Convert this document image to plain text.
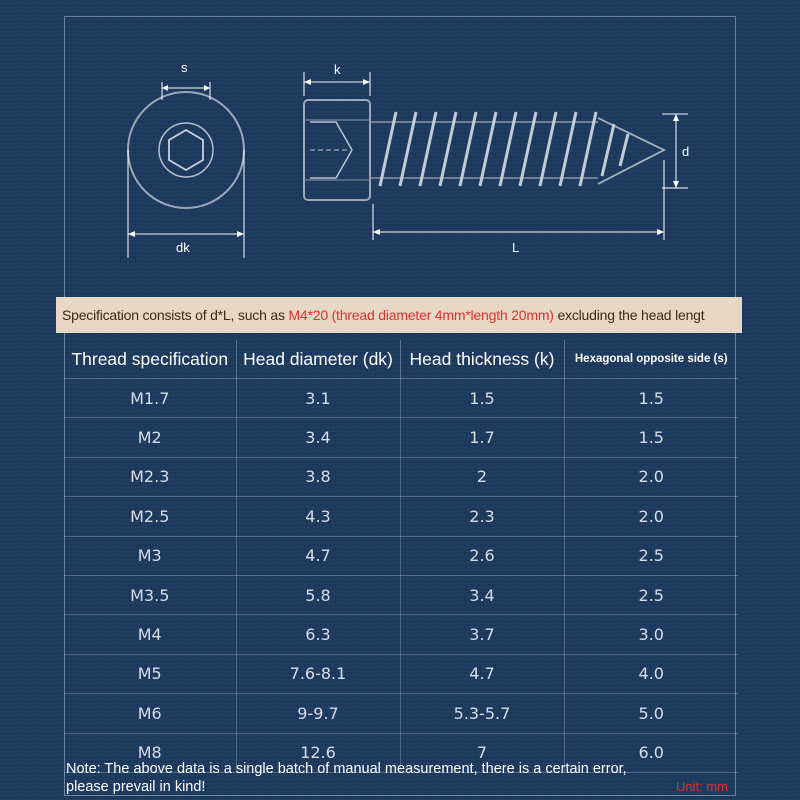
s
dk
k
d
L
Specification consists of d*L, such as M4*20 (thread diameter 4mm*length 20mm) excluding the head lengt
Thread specification	Head diameter (dk)	Head thickness (k)	Hexagonal opposite side (s)
M1.7	3.1	1.5	1.5
M2	3.4	1.7	1.5
M2.3	3.8	2	2.0
M2.5	4.3	2.3	2.0
M3	4.7	2.6	2.5
M3.5	5.8	3.4	2.5
M4	6.3	3.7	3.0
M5	7.6-8.1	4.7	4.0
M6	9-9.7	5.3-5.7	5.0
M8	12.6	7	6.0
Note: The above data is a single batch of manual measurement, there is a certain error,
please prevail in kind!	Unit: mm
